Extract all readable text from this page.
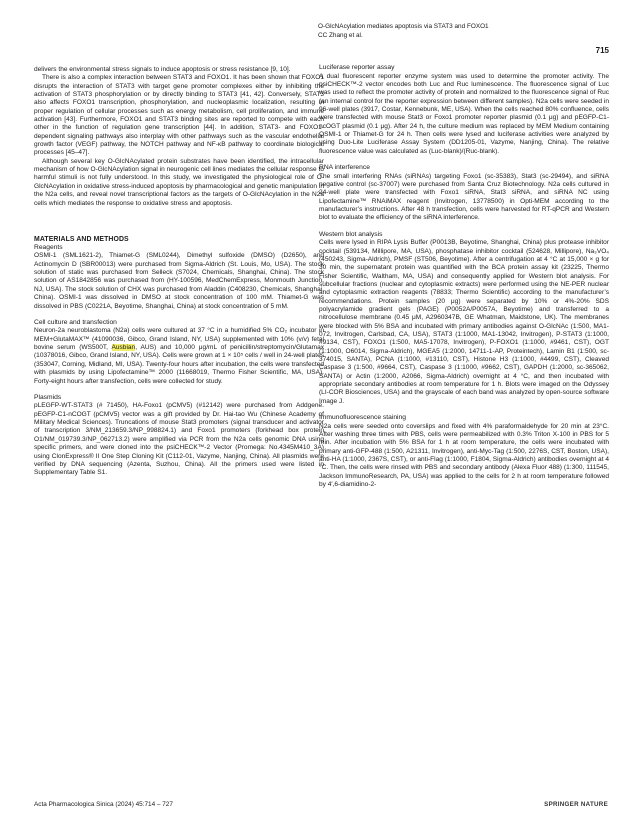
O-GlcNAcylation mediates apoptosis via STAT3 and FOXO1
CC Zhang et al.
715

delivers the environmental stress signals to induce apoptosis or stress resistance [9, 10].

There is also a complex interaction between STAT3 and FOXO1. It has been shown that FOXO1 disrupts the interaction of STAT3 with target gene promoter complexes either by inhibiting the activation of STAT3 phosphorylation or by directly binding to STAT3 [41, 42]. Conversely, STAT3 also affects FOXO1 transcription, phosphorylation, and nucleoplasmic localization, resulting in proper regulation of cellular processes such as energy metabolism, cell proliferation, and immune activation [43]. Furthermore, FOXO1 and STAT3 binding sites are reported to compete with each other in the function of regulation gene transcription [44]. In addition, STAT3- and FOXO1-dependent signaling pathways also interplay with other pathways such as the vascular endothelial growth factor (VEGF) pathway, the NOTCH pathway and NF-κB pathway to coordinate biological processes [45–47].

Although several key O-GlcNAcylated protein substrates have been identified, the intracellular mechanism of how O-GlcNAcylation signal in neurogenic cell lines mediates the cellular response to harmful stimuli is not fully understood. In this study, we investigated the physiological role of O-GlcNAcylation in oxidative stress-induced apoptosis by pharmacological and genetic manipulation in the N2a cells, and reveal novel transcriptional factors as the targets of O-GlcNAcylation in the N2a cells which mediates the response to oxidative stress and apoptosis.

MATERIALS AND METHODS
Reagents

OSMI-1 (SML1621-2), Thiamet-G (SML0244), Dimethyl sulfoxide (DMSO) (D2650), and Actinomycin D (SBR00013) were purchased from Sigma-Aldrich (St. Louis, Mo, USA). The stock solution of static was purchased from Selleck (S7024, Chemicals, Shanghai, China). The stock solution of AS1842856 was purchased from (HY-100596, MedChemExpress, Monmouth Junction, NJ, USA). The stock solution of CHX was purchased from Aladdin (C408230, Chemicals, Shanghai, China). OSMI-1 was dissolved in DMSO at stock concentration of 100 mM. Thiamet-G was dissolved in PBS (C0221A, Beyotime, Shanghai, China) at stock concentration of 5 mM.

Cell culture and transfection

Neuron-2a neuroblastoma (N2a) cells were cultured at 37 °C in a humidified 5% CO₂ incubator in MEM+GlutaMAX™ (41090036, Gibco, Grand Island, NY, USA) supplemented with 10% (v/v) fetal bovine serum (WS500T, Ausbian, AUS) and 10,000 μg/mL of penicillin/streptomycin/Glutamax (10378016, Gibco, Grand Island, NY, USA). Cells were grown at 1 × 10⁵ cells / well in 24-well plates (353047, Corning, Midland, MI, USA). Twenty-four hours after incubation, the cells were transfected with plasmids by using Lipofectamine™ 2000 (11668019, Thermo Fisher Scientific, MA, USA). Forty-eight hours after transfection, cells were collected for study.

Plasmids

pLEGFP-WT-STAT3 (# 71450), HA-Foxo1 (pCMV5) (#12142) were purchased from Addgene. pEGFP-C1-nCOGT (pCMV5) vector was a gift provided by Dr. Hai-tao Wu (Chinese Academy of Military Medical Sciences). Truncations of mouse Stat3 promoters (signal transducer and activator of transcription 3/NM_213659.3/NP_998824.1) and Foxo1 promoters (forkhead box protein O1/NM_019739.3/NP_062713.2) were amplified via PCR from the N2a cells genomic DNA using specific primers, and were cloned into the psiCHECK™-2 Vector (Promega: No.4345M410_3A) using ClonExpress® II One Step Cloning Kit (C112-01, Vazyme, Nanjing, China). All plasmids were verified by DNA sequencing (Azenta, Suzhou, China). All the primers used were listed in Supplementary Table S1.

Luciferase reporter assay

A dual fluorescent reporter enzyme system was used to determine the promoter activity. The psiCHECK™-2 vector encodes both Luc and Ruc luminescence. The fluorescence signal of Luc was used to reflect the promoter activity of protein and normalized to the fluorescence signal of Ruc (an internal control for the reporter expression between different samples). N2a cells were seeded in 96-well plates (3917, Costar, Kennebunk, ME, USA). When the cells reached 80% confluence, cells were transfected with mouse Stat3 or Foxo1 promoter reporter plasmid (0.1 μg) and pEGFP-C1-ncOGT plasmid (0.1 μg). After 24 h, the culture medium was replaced by MEM Medium containing OSMI-1 or Thiamet-G for 24 h. Then cells were lysed and luciferase activities were analyzed by using Duo-Lite Luciferase Assay System (DD1205-01, Vazyme, Nanjing, China). The relative fluorescence value was calculated as (Luc-blank)/(Ruc-blank).

RNA interference

The small interfering RNAs (siRNAs) targeting Foxo1 (sc-35383), Stat3 (sc-29494), and siRNA negative control (sc-37007) were purchased from Santa Cruz Biotechnology. N2a cells cultured in 24-well plate were transfected with Foxo1 siRNA, Stat3 siRNA, and siRNA NC using Lipofectamine™ RNAiMAX reagent (Invitrogen, 13778500) in Opti-MEM according to the manufacturer’s instructions. After 48 h transfection, cells were harvested for RT-qPCR and Western blot to evaluate the efficiency of the siRNA interference.

Western blot analysis

Cells were lysed in RIPA Lysis Buffer (P0013B, Beyotime, Shanghai, China) plus protease inhibitor cocktail (539134, Millipore, MA, USA), phosphatase inhibitor cocktail (524628, Millipore), Na₃VO₄ (450243, Sigma-Aldrich), PMSF (ST506, Beyotime). After a centrifugation at 4 °C at 15,000 × g for 30 min, the supernatant protein was quantified with the BCA protein assay kit (23225, Thermo Fisher Scientific, Waltham, MA, USA) and consequently applied for Western blot analysis. For subcellular fractions (nuclear and cytoplasmic extracts) were performed using the NE-PER nuclear and cytoplasmic extraction reagents (78833; Thermo Scientific) according to the manufacturer’s recommendations. Protein samples (20 μg) were separated by 10% or 4%-20% SDS polyacrylamide gradient gels (PAGE) (P0052A/P0057A, Beyotime) and transferred to a nitrocellulose membrane (0.45 μM, A2960347B, GE Whatman, Maidstone, UK). The membranes were blocked with 5% BSA and incubated with primary antibodies against O-GlcNAc (1:500, MA1-072, Invitrogen, Carlsbad, CA, USA), STAT3 (1:1000, MA1-13042, Invitrogen), P-STAT3 (1:1000, #9134, CST), FOXO1 (1:500, MA5-17078, Invitrogen), P-FOXO1 (1:1000, #9461, CST), OGT (1:1000, O6014, Sigma-Aldrich), MGEA5 (1:2000, 14711-1-AP, Proteintech), Lamin B1 (1:500, sc-374015, SANTA), PCNA (1:1000, #13110, CST), Histone H3 (1:1000, #4499, CST), Cleaved Caspase 3 (1:500, #9664, CST), Caspase 3 (1:1000, #9662, CST), GAPDH (1:2000, sc-365062, SANTA) or Actin (1:2000, A2066, Sigma-Aldrich) overnight at 4 °C, and then incubated with appropriate secondary antibodies at room temperature for 1 h. Blots were imaged on the Odyssey (LI-COR Biosciences, USA) and the grayscale of each band was analyzed by open-source software Image J.

Immunofluorescence staining

N2a cells were seeded onto coverslips and fixed with 4% paraformaldehyde for 20 min at 23°C. After washing three times with PBS, cells were permeabilized with 0.3% Triton X-100 in PBS for 5 min. After incubation with 5% BSA for 1 h at room temperature, the cells were incubated with primary anti-GFP-488 (1:500, A21311, Invitrogen), anti-Myc-Tag (1:500, 2276S, CST, Boston, USA), anti-HA (1:1000, 2367S, CST), or anti-Flag (1:1000, F1804, Sigma-Aldrich) antibodies overnight at 4 °C. Then, the cells were rinsed with PBS and secondary antibody (Alexa Fluor 488) (1:300, 111545, Jackson ImmunoResearch, PA, USA) was applied to the cells for 2 h at room temperature followed by 4′,6-diamidino-2-

Acta Pharmacologica Sinica (2024) 45:714 – 727	SPRINGER NATURE
